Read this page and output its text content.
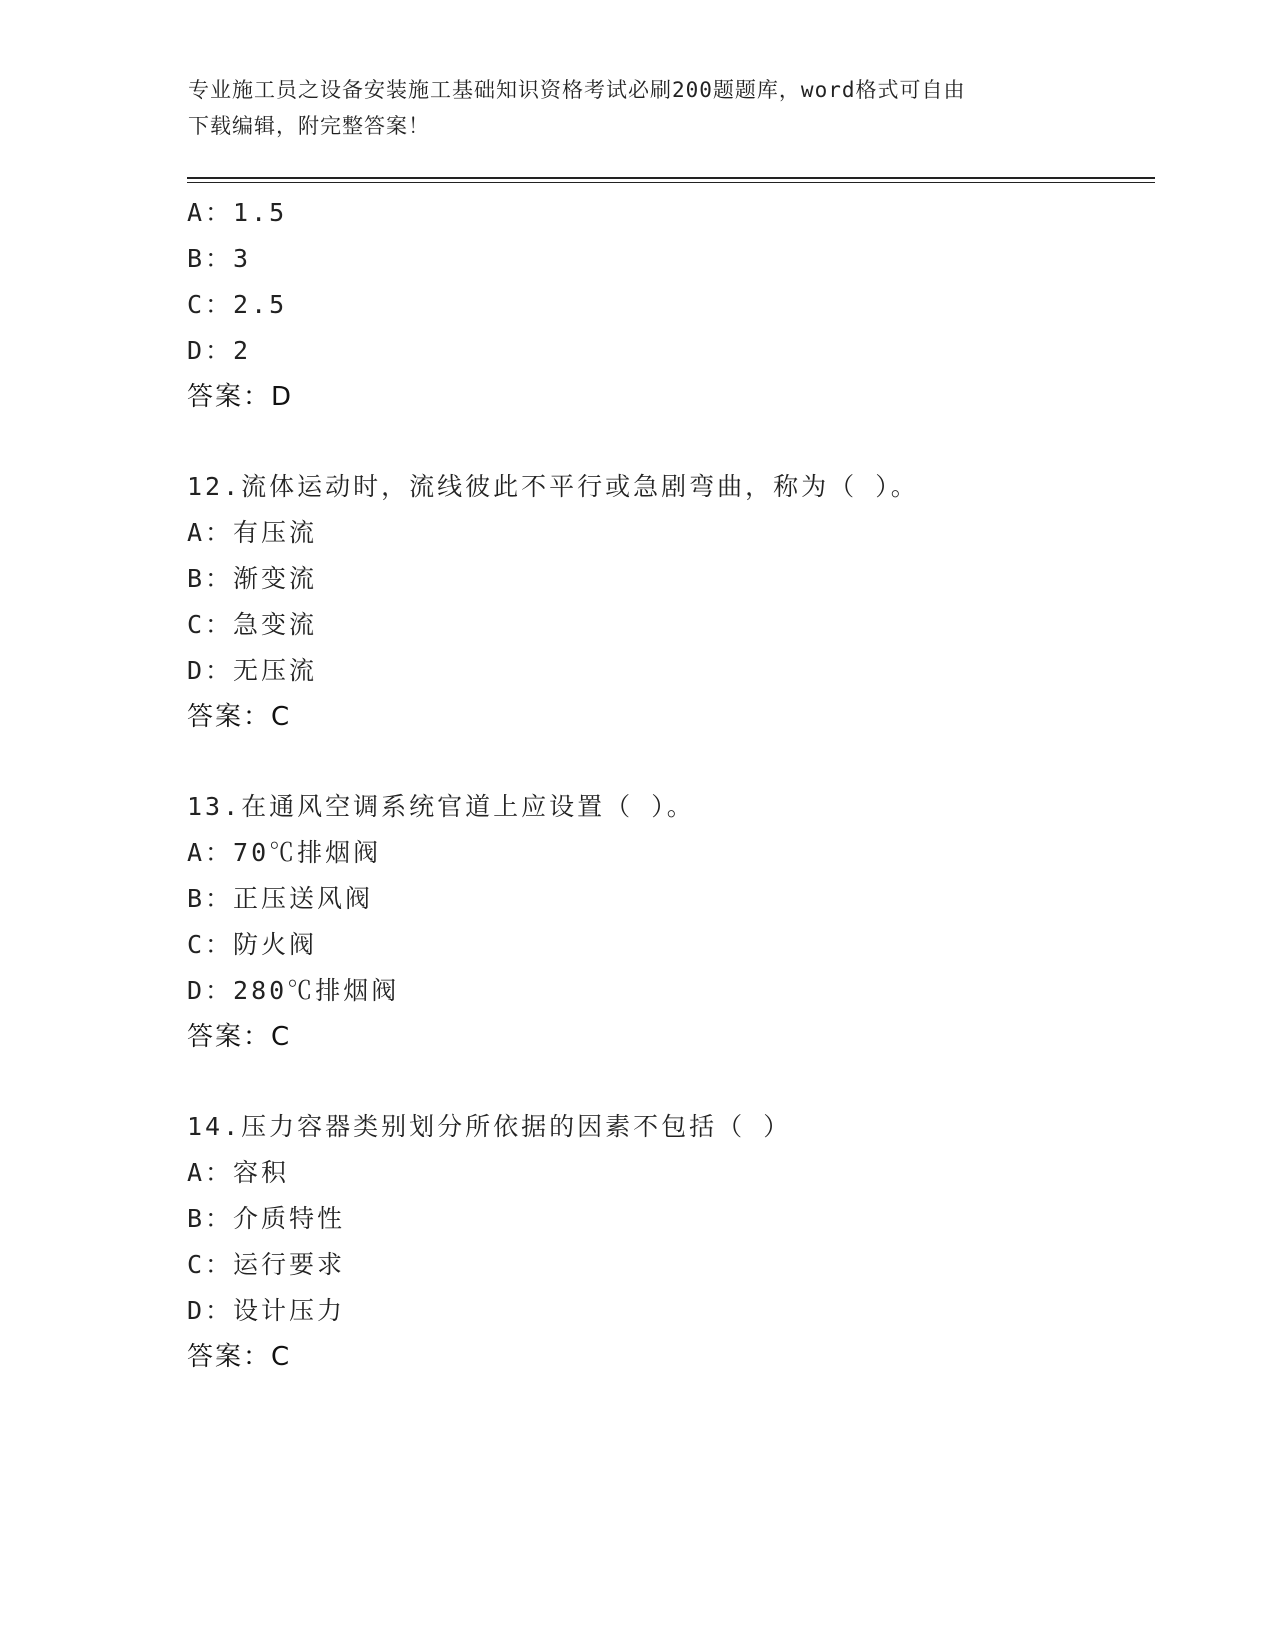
专业施工员之设备安装施工基础知识资格考试必刷200题题库，word格式可自由
下载编辑，附完整答案！
A：1.5
B：3
C：2.5
D：2
答案：D
12.流体运动时，流线彼此不平行或急剧弯曲，称为（ ）。
A：有压流
B：渐变流
C：急变流
D：无压流
答案：C
13.在通风空调系统官道上应设置（ ）。
A：70℃排烟阀
B：正压送风阀
C：防火阀
D：280℃排烟阀
答案：C
14.压力容器类别划分所依据的因素不包括（ ）
A：容积
B：介质特性
C：运行要求
D：设计压力
答案：C
